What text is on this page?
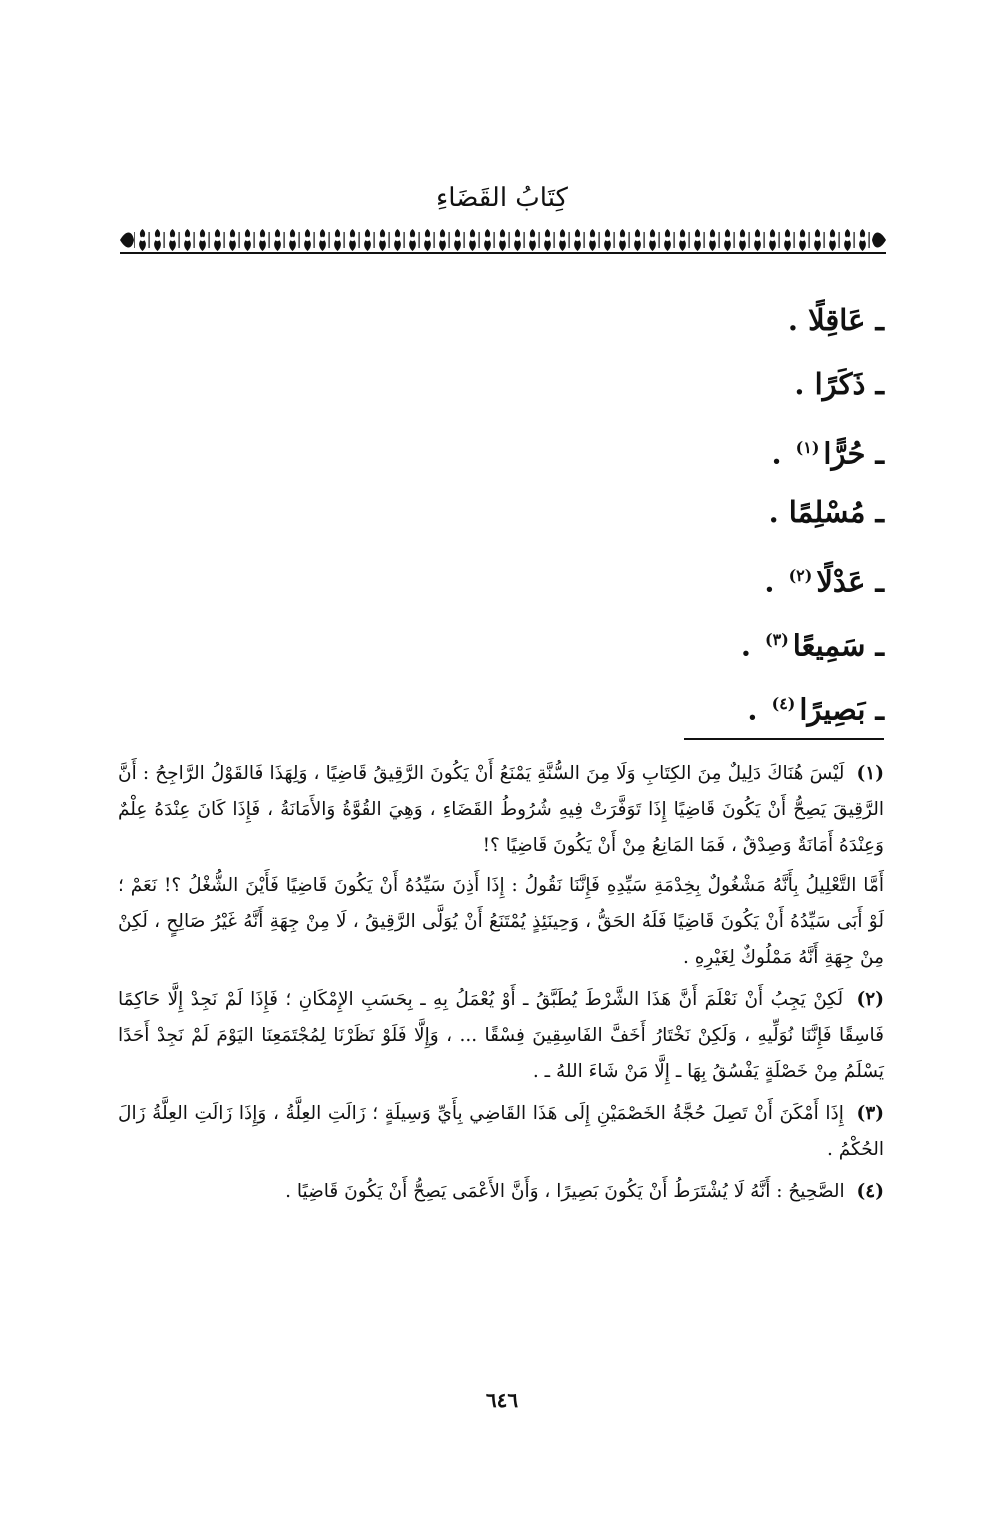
كِتَابُ القَضَاءِ
ـ عَاقِلًا .
ـ ذَكَرًا .
ـ حُرًّا$^{(١)}$ .
ـ مُسْلِمًا .
ـ عَدْلًا$^{(٢)}$ .
ـ سَمِيعًا$^{(٣)}$ .
ـ بَصِيرًا$^{(٤)}$ .

(١) لَيْسَ هُنَاكَ دَلِيلٌ مِنَ الكِتَابِ وَلَا مِنَ السُّنَّةِ يَمْنَعُ أَنْ يَكُونَ الرَّقِيقُ قَاضِيًا ، وَلِهَذَا فَالقَوْلُ الرَّاجِحُ : أَنَّ الرَّقِيقَ يَصِحُّ أَنْ يَكُونَ قَاضِيًا إِذَا تَوَفَّرَتْ فِيهِ شُرُوطُ القَضَاءِ ، وَهِيَ القُوَّةُ وَالأَمَانَةُ ، فَإِذَا كَانَ عِنْدَهُ عِلْمٌ وَعِنْدَهُ أَمَانَةٌ وَصِدْقٌ ، فَمَا المَانِعُ مِنْ أَنْ يَكُونَ قَاضِيًا ؟!

أَمَّا التَّعْلِيلُ بِأَنَّهُ مَشْغُولٌ بِخِدْمَةِ سَيِّدِهِ فَإِنَّنَا نَقُولُ : إِذَا أَذِنَ سَيِّدُهُ أَنْ يَكُونَ قَاضِيًا فَأَيْنَ الشُّغْلُ ؟! نَعَمْ ؛ لَوْ أَبَى سَيِّدُهُ أَنْ يَكُونَ قَاضِيًا فَلَهُ الحَقُّ ، وَحِينَئِذٍ يُمْتَنَعُ أَنْ يُوَلَّى الرَّقِيقُ ، لَا مِنْ جِهَةِ أَنَّهُ غَيْرُ صَالِحٍ ، لَكِنْ مِنْ جِهَةِ أَنَّهُ مَمْلُوكٌ لِغَيْرِهِ .

(٢) لَكِنْ يَجِبُ أَنْ نَعْلَمَ أَنَّ هَذَا الشَّرْطَ يُطَبَّقُ ـ أَوْ يُعْمَلُ بِهِ ـ بِحَسَبِ الإِمْكَانِ ؛ فَإِذَا لَمْ نَجِدْ إِلَّا حَاكِمًا فَاسِقًا فَإِنَّنَا نُوَلِّيهِ ، وَلَكِنْ نَخْتَارُ أَخَفَّ الفَاسِقِينَ فِسْقًا ... ، وَإِلَّا فَلَوْ نَظَرْنَا لِمُجْتَمَعِنَا اليَوْمَ لَمْ نَجِدْ أَحَدًا يَسْلَمُ مِنْ خَصْلَةٍ يَفْسُقُ بِهَا ـ إِلَّا مَنْ شَاءَ اللهُ ـ .

(٣) إِذَا أَمْكَنَ أَنْ تَصِلَ حُجَّةُ الخَصْمَيْنِ إِلَى هَذَا القَاضِي بِأَيِّ وَسِيلَةٍ ؛ زَالَتِ العِلَّةُ ، وَإِذَا زَالَتِ العِلَّةُ زَالَ الحُكْمُ .

(٤) الصَّحِيحُ : أَنَّهُ لَا يُشْتَرَطُ أَنْ يَكُونَ بَصِيرًا ، وَأَنَّ الأَعْمَى يَصِحُّ أَنْ يَكُونَ قَاضِيًا .

٦٤٦
